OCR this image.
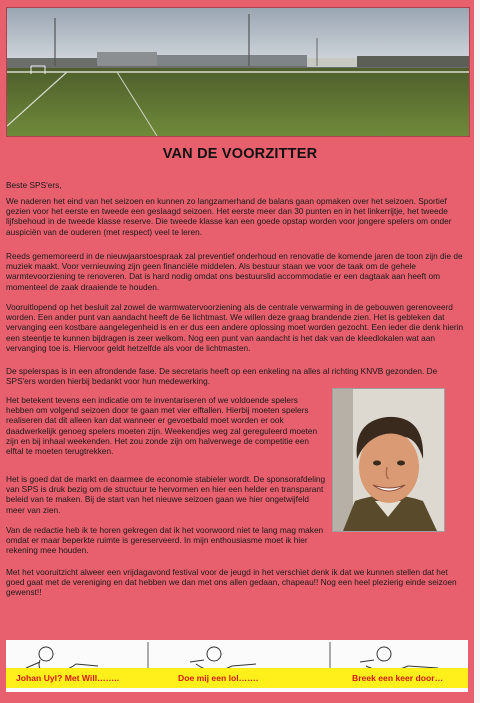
VAN DE VOORZITTER

Beste SPS'ers,

We naderen het eind van het seizoen en kunnen zo langzamerhand de balans gaan opmaken over het seizoen. Sportief gezien voor het eerste en tweede een geslaagd seizoen. Het eerste meer dan 30 punten en in het linkerrijtje, het tweede lijfsbehoud in de tweede klasse reserve. Die tweede klasse kan een goede opstap worden voor jongere spelers om onder auspiciën van de ouderen (met respect) veel te leren.

Reeds gememoreerd in de nieuwjaarstoespraak zal preventief onderhoud en renovatie de komende jaren de toon zijn die de muziek maakt. Voor vernieuwing zijn geen financiële middelen. Als bestuur staan we voor de taak om de gehele warmtevoorziening te renoveren. Dat is hard nodig omdat ons bestuurslid accommodatie er een dagtaak aan heeft om momenteel de zaak draaiende te houden.

Vooruitlopend op het besluit zal zowel de warmwatervoorziening als de centrale verwarming in de gebouwen gerenoveerd worden. Een ander punt van aandacht heeft de 6e lichtmast. We willen deze graag brandende zien. Het is gebleken dat vervanging een kostbare aangelegenheid is en er dus een andere oplossing moet worden gezocht. Een ieder die denk hierin een steentje te kunnen bijdragen is zeer welkom. Nog een punt van aandacht is het dak van de kleedlokalen wat aan vervanging toe is. Hiervoor geldt hetzelfde als voor de lichtmasten.

De spelerspas is in een afrondende fase. De secretaris heeft op een enkeling na alles al richting KNVB gezonden. De SPS'ers worden hierbij bedankt voor hun medewerking.

Het betekent tevens een indicatie om te inventariseren of we voldoende spelers hebben om volgend seizoen door te gaan met vier elftallen. Hierbij moeten spelers realiseren dat dit alleen kan dat wanneer er gevoetbald moet worden er ook daadwerkelijk genoeg spelers moeten zijn. Weekendjes weg zal gereguleerd moeten zijn en bij inhaal weekenden. Het zou zonde zijn om halverwege de competitie een elftal te moeten terugtrekken.

Het is goed dat de markt en daarmee de economie stabieler wordt. De sponsorafdeling van SPS is druk bezig om de structuur te hervormen en hier een helder en transparant beleid van te maken. Bij de start van het nieuwe seizoen gaan we hier ongetwijfeld meer van zien.

Van de redactie heb ik te horen gekregen dat ik het voorwoord niet te lang mag maken omdat er maar beperkte ruimte is gereserveerd. In mijn enthousiasme moet ik hier rekening mee houden.

Met het vooruitzicht alweer een vrijdagavond festival voor de jeugd in het verschiet denk ik dat we kunnen stellen dat het goed gaat met de vereniging en dat hebben we dan met ons allen gedaan, chapeau!! Nog een heel plezierig einde seizoen gewenst!!

Johan Uyl? Met Will……..	Doe mij een lol…….	Breek een keer door…
